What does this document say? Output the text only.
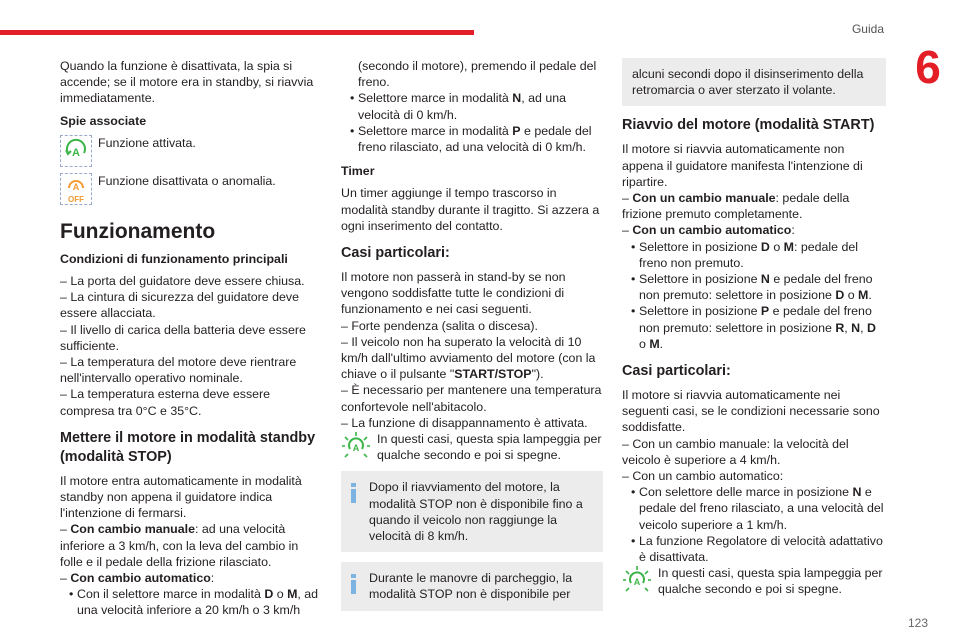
Guida
6

Quando la funzione è disattivata, la spia si accende; se il motore era in standby, si riavvia immediatamente.

Spie associate
A
Funzione attivata.
A
OFF
Funzione disattivata o anomalia.
Funzionamento
Condizioni di funzionamento principali
– La porta del guidatore deve essere chiusa.
– La cintura di sicurezza del guidatore deve essere allacciata.
– Il livello di carica della batteria deve essere sufficiente.
– La temperatura del motore deve rientrare nell'intervallo operativo nominale.
– La temperatura esterna deve essere compresa tra 0°C e 35°C.
Mettere il motore in modalità standby (modalità STOP)

Il motore entra automaticamente in modalità standby non appena il guidatore indica l'intenzione di fermarsi.

– Con cambio manuale: ad una velocità inferiore a 3 km/h, con la leva del cambio in folle e il pedale della frizione rilasciato.
– Con cambio automatico:
• Con il selettore marce in modalità D o M, ad una velocità inferiore a 20 km/h o 3 km/h
(secondo il motore), premendo il pedale del freno.
• Selettore marce in modalità N, ad una velocità di 0 km/h.
• Selettore marce in modalità P e pedale del freno rilasciato, ad una velocità di 0 km/h.
Timer

Un timer aggiunge il tempo trascorso in modalità standby durante il tragitto. Si azzera a ogni inserimento del contatto.

Casi particolari:

Il motore non passerà in stand-by se non vengono soddisfatte tutte le condizioni di funzionamento e nei casi seguenti.

– Forte pendenza (salita o discesa).
– Il veicolo non ha superato la velocità di 10 km/h dall'ultimo avviamento del motore (con la chiave o il pulsante "START/STOP").
– È necessario per mantenere una temperatura confortevole nell'abitacolo.
– La funzione di disappannamento è attivata.
A
In questi casi, questa spia lampeggia per qualche secondo e poi si spegne.
Dopo il riavviamento del motore, la modalità STOP non è disponibile fino a quando il veicolo non raggiunge la velocità di 8 km/h.
Durante le manovre di parcheggio, la modalità STOP non è disponibile per
alcuni secondi dopo il disinserimento della retromarcia o aver sterzato il volante.
Riavvio del motore (modalità START)

Il motore si riavvia automaticamente non appena il guidatore manifesta l'intenzione di ripartire.

– Con un cambio manuale: pedale della frizione premuto completamente.
– Con un cambio automatico:
• Selettore in posizione D o M: pedale del freno non premuto.
• Selettore in posizione N e pedale del freno non premuto: selettore in posizione D o M.
• Selettore in posizione P e pedale del freno non premuto: selettore in posizione R, N, D o M.
Casi particolari:

Il motore si riavvia automaticamente nei seguenti casi, se le condizioni necessarie sono soddisfatte.

– Con un cambio manuale: la velocità del veicolo è superiore a 4 km/h.
– Con un cambio automatico:
• Con selettore delle marce in posizione N e pedale del freno rilasciato, a una velocità del veicolo superiore a 1 km/h.
• La funzione Regolatore di velocità adattativo è disattivata.
A
In questi casi, questa spia lampeggia per qualche secondo e poi si spegne.
123
